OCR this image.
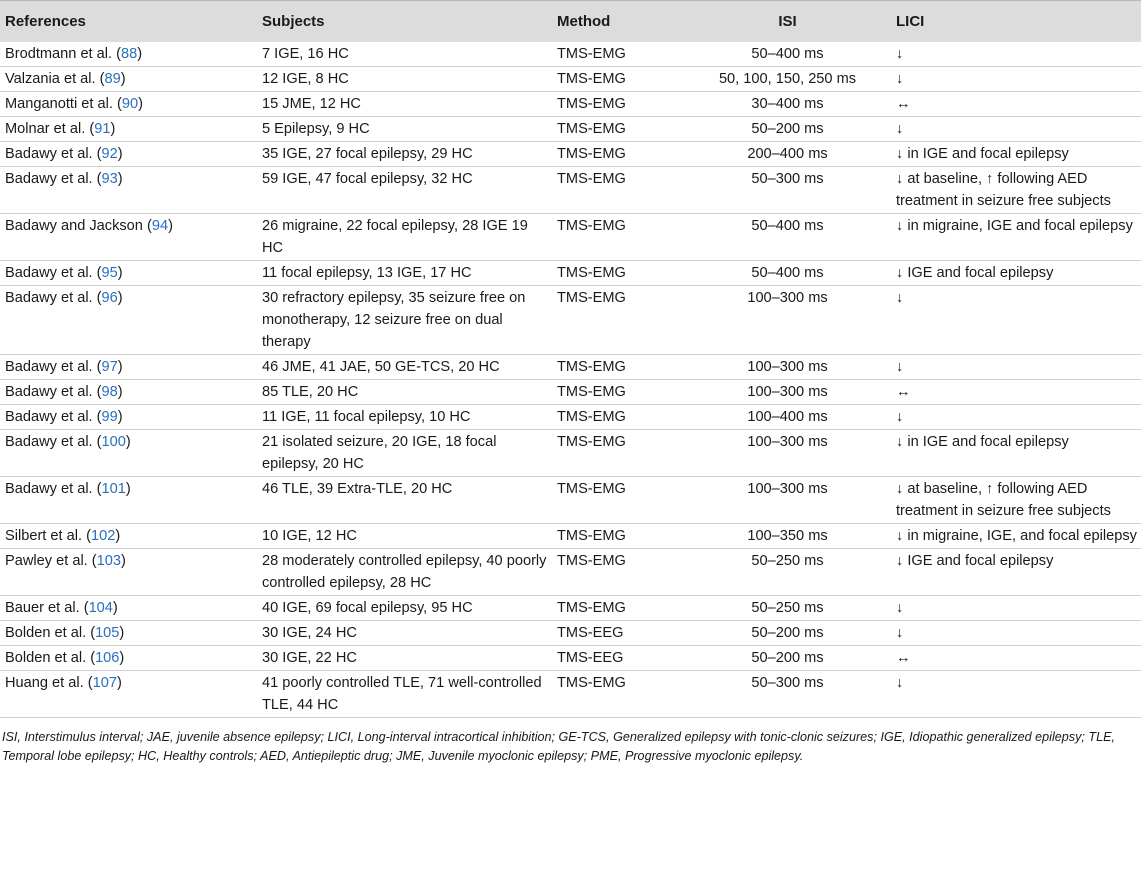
References	Subjects	Method	ISI	LICI
Brodtmann et al. (88)	7 IGE, 16 HC	TMS-EMG	50–400 ms	↓
Valzania et al. (89)	12 IGE, 8 HC	TMS-EMG	50, 100, 150, 250 ms	↓
Manganotti et al. (90)	15 JME, 12 HC	TMS-EMG	30–400 ms	↔
Molnar et al. (91)	5 Epilepsy, 9 HC	TMS-EMG	50–200 ms	↓
Badawy et al. (92)	35 IGE, 27 focal epilepsy, 29 HC	TMS-EMG	200–400 ms	↓ in IGE and focal epilepsy
Badawy et al. (93)	59 IGE, 47 focal epilepsy, 32 HC	TMS-EMG	50–300 ms	↓ at baseline, ↑ following AED treatment in seizure free subjects
Badawy and Jackson (94)	26 migraine, 22 focal epilepsy, 28 IGE 19 HC	TMS-EMG	50–400 ms	↓ in migraine, IGE and focal epilepsy
Badawy et al. (95)	11 focal epilepsy, 13 IGE, 17 HC	TMS-EMG	50–400 ms	↓ IGE and focal epilepsy
Badawy et al. (96)	30 refractory epilepsy, 35 seizure free on monotherapy, 12 seizure free on dual therapy	TMS-EMG	100–300 ms	↓
Badawy et al. (97)	46 JME, 41 JAE, 50 GE-TCS, 20 HC	TMS-EMG	100–300 ms	↓
Badawy et al. (98)	85 TLE, 20 HC	TMS-EMG	100–300 ms	↔
Badawy et al. (99)	11 IGE, 11 focal epilepsy, 10 HC	TMS-EMG	100–400 ms	↓
Badawy et al. (100)	21 isolated seizure, 20 IGE, 18 focal epilepsy, 20 HC	TMS-EMG	100–300 ms	↓ in IGE and focal epilepsy
Badawy et al. (101)	46 TLE, 39 Extra-TLE, 20 HC	TMS-EMG	100–300 ms	↓ at baseline, ↑ following AED treatment in seizure free subjects
Silbert et al. (102)	10 IGE, 12 HC	TMS-EMG	100–350 ms	↓ in migraine, IGE, and focal epilepsy
Pawley et al. (103)	28 moderately controlled epilepsy, 40 poorly controlled epilepsy, 28 HC	TMS-EMG	50–250 ms	↓ IGE and focal epilepsy
Bauer et al. (104)	40 IGE, 69 focal epilepsy, 95 HC	TMS-EMG	50–250 ms	↓
Bolden et al. (105)	30 IGE, 24 HC	TMS-EEG	50–200 ms	↓
Bolden et al. (106)	30 IGE, 22 HC	TMS-EEG	50–200 ms	↔
Huang et al. (107)	41 poorly controlled TLE, 71 well-controlled TLE, 44 HC	TMS-EMG	50–300 ms	↓
ISI, Interstimulus interval; JAE, juvenile absence epilepsy; LICI, Long-interval intracortical inhibition; GE-TCS, Generalized epilepsy with tonic-clonic seizures; IGE, Idiopathic generalized epilepsy; TLE, Temporal lobe epilepsy; HC, Healthy controls; AED, Antiepileptic drug; JME, Juvenile myoclonic epilepsy; PME, Progressive myoclonic epilepsy.
